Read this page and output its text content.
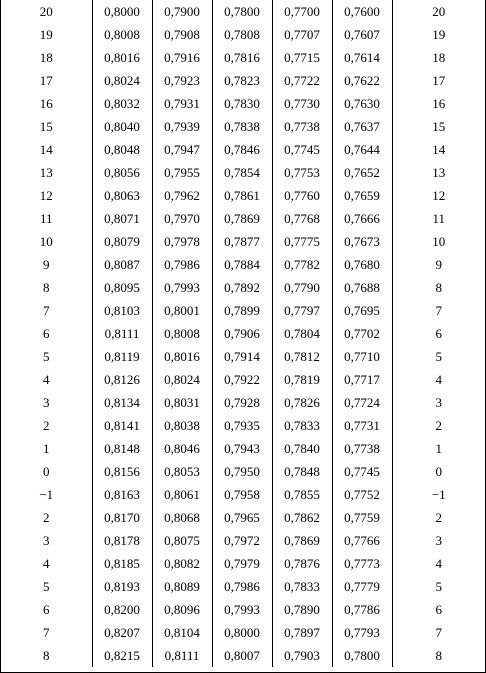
20	0,8000	0,7900	0,7800	0,7700	0,7600	20
19	0,8008	0,7908	0,7808	0,7707	0,7607	19
18	0,8016	0,7916	0,7816	0,7715	0,7614	18
17	0,8024	0,7923	0,7823	0,7722	0,7622	17
16	0,8032	0,7931	0,7830	0,7730	0,7630	16
15	0,8040	0,7939	0,7838	0,7738	0,7637	15
14	0,8048	0,7947	0,7846	0,7745	0,7644	14
13	0,8056	0,7955	0,7854	0,7753	0,7652	13
12	0,8063	0,7962	0,7861	0,7760	0,7659	12
11	0,8071	0,7970	0,7869	0,7768	0,7666	11
10	0,8079	0,7978	0,7877	0,7775	0,7673	10
9	0,8087	0,7986	0,7884	0,7782	0,7680	9
8	0,8095	0,7993	0,7892	0,7790	0,7688	8
7	0,8103	0,8001	0,7899	0,7797	0,7695	7
6	0,8111	0,8008	0,7906	0,7804	0,7702	6
5	0,8119	0,8016	0,7914	0,7812	0,7710	5
4	0,8126	0,8024	0,7922	0,7819	0,7717	4
3	0,8134	0,8031	0,7928	0,7826	0,7724	3
2	0,8141	0,8038	0,7935	0,7833	0,7731	2
1	0,8148	0,8046	0,7943	0,7840	0,7738	1
0	0,8156	0,8053	0,7950	0,7848	0,7745	0
−1	0,8163	0,8061	0,7958	0,7855	0,7752	−1
2	0,8170	0,8068	0,7965	0,7862	0,7759	2
3	0,8178	0,8075	0,7972	0,7869	0,7766	3
4	0,8185	0,8082	0,7979	0,7876	0,7773	4
5	0,8193	0,8089	0,7986	0,7833	0,7779	5
6	0,8200	0,8096	0,7993	0,7890	0,7786	6
7	0,8207	0,8104	0,8000	0,7897	0,7793	7
8	0,8215	0,8111	0,8007	0,7903	0,7800	8
